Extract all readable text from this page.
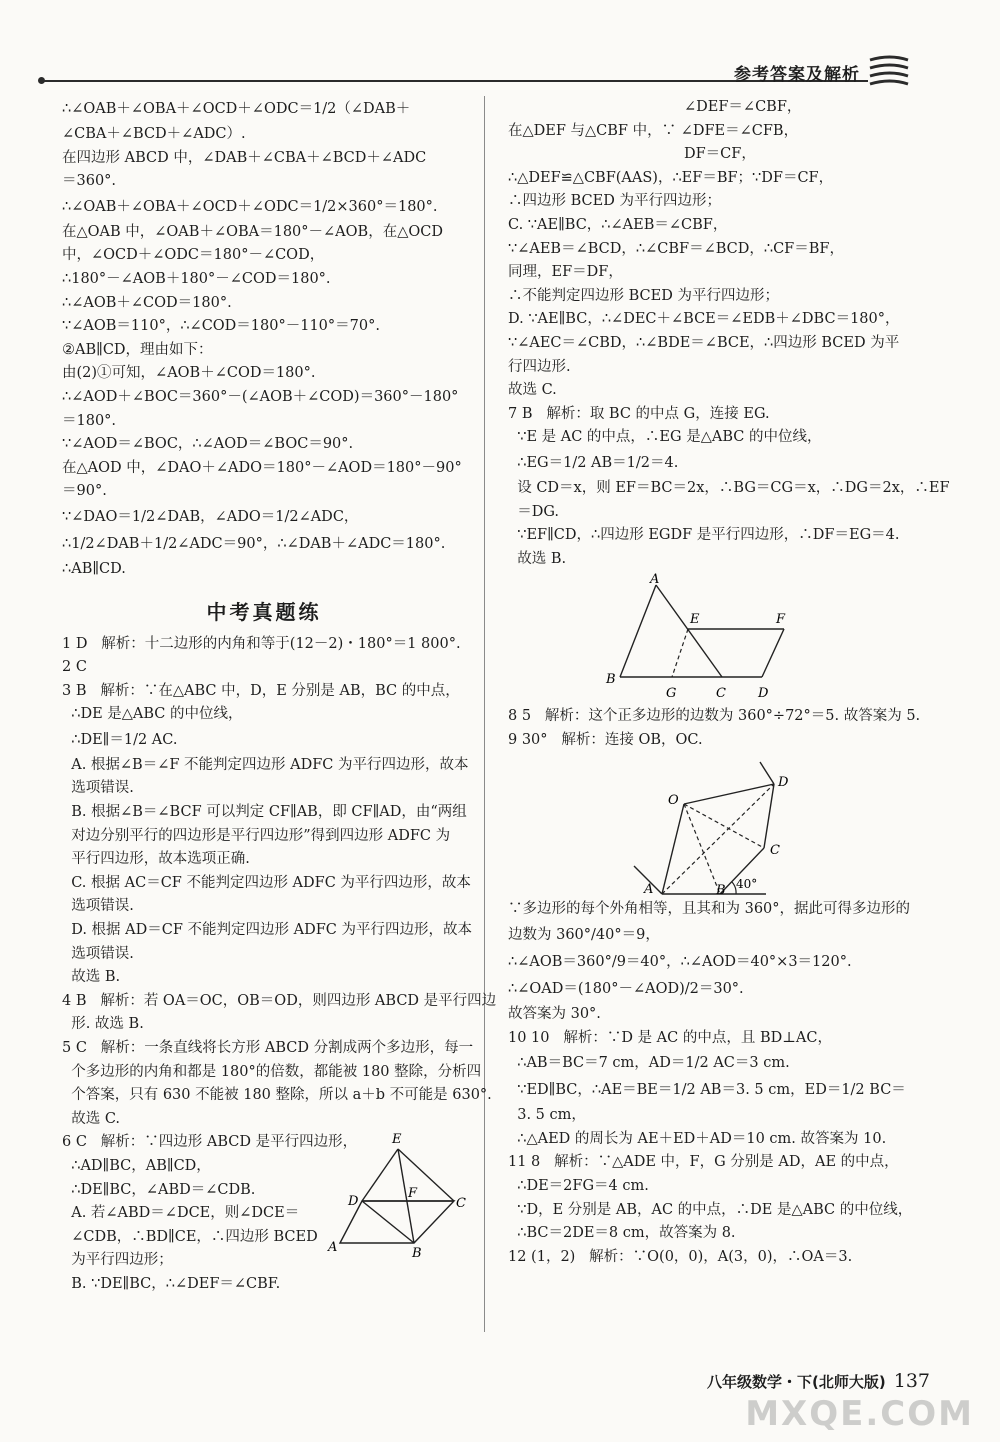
参考答案及解析
∴∠OAB＋∠OBA＋∠OCD＋∠ODC＝1/2（∠DAB＋
∠CBA＋∠BCD＋∠ADC）.
在四边形 ABCD 中，∠DAB＋∠CBA＋∠BCD＋∠ADC
＝360°.
∴∠OAB＋∠OBA＋∠OCD＋∠ODC＝1/2×360°＝180°.
在△OAB 中，∠OAB＋∠OBA＝180°－∠AOB，在△OCD
中，∠OCD＋∠ODC＝180°－∠COD，
∴180°－∠AOB＋180°－∠COD＝180°.
∴∠AOB＋∠COD＝180°.
∵∠AOB＝110°，∴∠COD＝180°－110°＝70°.
②AB∥CD，理由如下：
由(2)①可知，∠AOB＋∠COD＝180°.
∴∠AOD＋∠BOC＝360°－(∠AOB＋∠COD)＝360°－180°
＝180°.
∵∠AOD＝∠BOC，∴∠AOD＝∠BOC＝90°.
在△AOD 中，∠DAO＋∠ADO＝180°－∠AOD＝180°－90°
＝90°.
∵∠DAO＝1/2∠DAB，∠ADO＝1/2∠ADC，
∴1/2∠DAB＋1/2∠ADC＝90°，∴∠DAB＋∠ADC＝180°.
∴AB∥CD.
中考真题练
1 D   解析：十二边形的内角和等于(12－2)・180°＝1 800°.
2 C
3 B   解析：∵在△ABC 中，D，E 分别是 AB，BC 的中点，
∴DE 是△ABC 的中位线，
∴DE∥＝1/2 AC.
A. 根据∠B＝∠F 不能判定四边形 ADFC 为平行四边形，故本
选项错误.
B. 根据∠B＝∠BCF 可以判定 CF∥AB，即 CF∥AD，由“两组
对边分别平行的四边形是平行四边形”得到四边形 ADFC 为
平行四边形，故本选项正确.
C. 根据 AC＝CF 不能判定四边形 ADFC 为平行四边形，故本
选项错误.
D. 根据 AD＝CF 不能判定四边形 ADFC 为平行四边形，故本
选项错误.
故选 B.
4 B   解析：若 OA＝OC，OB＝OD，则四边形 ABCD 是平行四边
形. 故选 B.
5 C   解析：一条直线将长方形 ABCD 分割成两个多边形，每一
个多边形的内角和都是 180°的倍数，都能被 180 整除，分析四
个答案，只有 630 不能被 180 整除，所以 a＋b 不可能是 630°.
故选 C.
6 C   解析：∵四边形 ABCD 是平行四边形，
∴AD∥BC，AB∥CD，
∴DE∥BC，∠ABD＝∠CDB.
A. 若∠ABD＝∠DCE，则∠DCE＝
∠CDB，∴BD∥CE，∴四边形 BCED
为平行四边形；
B. ∵DE∥BC，∴∠DEF＝∠CBF.
E
D
F
C
A	B
∠DEF＝∠CBF，
在△DEF 与△CBF 中，∵ ∠DFE＝∠CFB，
DF＝CF，
∴△DEF≌△CBF(AAS)，∴EF＝BF；∵DF＝CF，
∴四边形 BCED 为平行四边形；
C. ∵AE∥BC，∴∠AEB＝∠CBF，
∵∠AEB＝∠BCD，∴∠CBF＝∠BCD，∴CF＝BF，
同理，EF＝DF，
∴不能判定四边形 BCED 为平行四边形；
D. ∵AE∥BC，∴∠DEC＋∠BCE＝∠EDB＋∠DBC＝180°，
∵∠AEC＝∠CBD，∴∠BDE＝∠BCE，∴四边形 BCED 为平
行四边形.
故选 C.
7 B   解析：取 BC 的中点 G，连接 EG.
∵E 是 AC 的中点，∴EG 是△ABC 的中位线，
∴EG＝1/2 AB＝1/2＝4.
设 CD＝x，则 EF＝BC＝2x，∴BG＝CG＝x，∴DG＝2x，∴EF
＝DG.
∵EF∥CD，∴四边形 EGDF 是平行四边形，∴DF＝EG＝4.
故选 B.
A
E	F
B
G	C D
8 5   解析：这个正多边形的边数为 360°÷72°＝5. 故答案为 5.
9 30°   解析：连接 OB，OC.
O
D
C
A	B 40°
∵多边形的每个外角相等，且其和为 360°，据此可得多边形的
边数为 360°/40°＝9，
∴∠AOB＝360°/9＝40°，∴∠AOD＝40°×3＝120°.
∴∠OAD＝(180°－∠AOD)/2＝30°.
故答案为 30°.
10 10   解析：∵D 是 AC 的中点，且 BD⊥AC，
∴AB＝BC＝7 cm，AD＝1/2 AC＝3 cm.
∵ED∥BC，∴AE＝BE＝1/2 AB＝3. 5 cm，ED＝1/2 BC＝
3. 5 cm，
∴△AED 的周长为 AE＋ED＋AD＝10 cm. 故答案为 10.
11 8   解析：∵△ADE 中，F，G 分别是 AD，AE 的中点，
∴DE＝2FG＝4 cm.
∵D，E 分别是 AB，AC 的中点，∴DE 是△ABC 的中位线，
∴BC＝2DE＝8 cm，故答案为 8.
12 (1，2)   解析：∵O(0，0)，A(3，0)，∴OA＝3.
八年级数学・下(北师大版) 137
MXQE.COM
